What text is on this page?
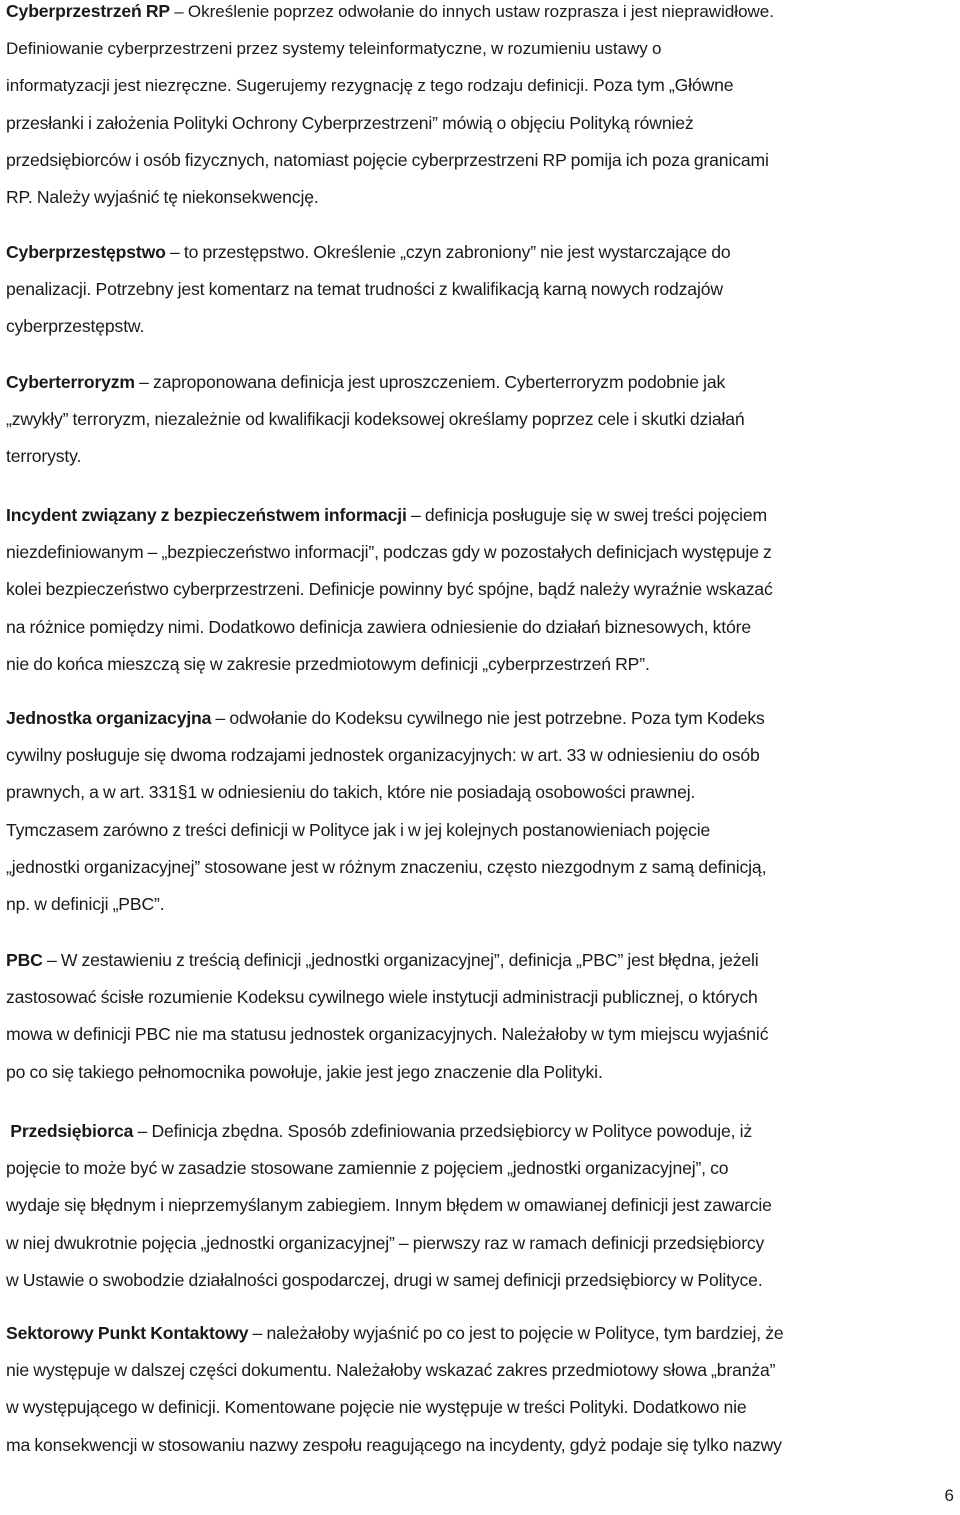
Cyberprzestrzeń RP – Określenie poprzez odwołanie do innych ustaw rozprasza i jest nieprawidłowe.
Definiowanie cyberprzestrzeni przez systemy teleinformatyczne, w rozumieniu ustawy o
informatyzacji jest niezręczne. Sugerujemy rezygnację z tego rodzaju definicji. Poza tym „Główne
przesłanki i założenia Polityki Ochrony Cyberprzestrzeni” mówią o objęciu Polityką również
przedsiębiorców i osób fizycznych, natomiast pojęcie cyberprzestrzeni RP pomija ich poza granicami
RP. Należy wyjaśnić tę niekonsekwencję.

Cyberprzestępstwo – to przestępstwo. Określenie „czyn zabroniony” nie jest wystarczające do
penalizacji. Potrzebny jest komentarz na temat trudności z kwalifikacją karną nowych rodzajów
cyberprzestępstw.

Cyberterroryzm – zaproponowana definicja jest uproszczeniem. Cyberterroryzm podobnie jak
„zwykły” terroryzm, niezależnie od kwalifikacji kodeksowej określamy poprzez cele i skutki działań
terrorysty.

Incydent związany z bezpieczeństwem informacji – definicja posługuje się w swej treści pojęciem
niezdefiniowanym – „bezpieczeństwo informacji”, podczas gdy w pozostałych definicjach występuje z
kolei bezpieczeństwo cyberprzestrzeni. Definicje powinny być spójne, bądź należy wyraźnie wskazać
na różnice pomiędzy nimi. Dodatkowo definicja zawiera odniesienie do działań biznesowych, które
nie do końca mieszczą się w zakresie przedmiotowym definicji „cyberprzestrzeń RP”.

Jednostka organizacyjna – odwołanie do Kodeksu cywilnego nie jest potrzebne. Poza tym Kodeks
cywilny posługuje się dwoma rodzajami jednostek organizacyjnych: w art. 33 w odniesieniu do osób
prawnych, a w art. 331§1 w odniesieniu do takich, które nie posiadają osobowości prawnej.
Tymczasem zarówno z treści definicji w Polityce jak i w jej kolejnych postanowieniach pojęcie
„jednostki organizacyjnej” stosowane jest w różnym znaczeniu, często niezgodnym z samą definicją,
np. w definicji „PBC”.

PBC – W zestawieniu z treścią definicji „jednostki organizacyjnej”, definicja „PBC” jest błędna, jeżeli
zastosować ścisłe rozumienie Kodeksu cywilnego wiele instytucji administracji publicznej, o których
mowa w definicji PBC nie ma statusu jednostek organizacyjnych. Należałoby w tym miejscu wyjaśnić
po co się takiego pełnomocnika powołuje, jakie jest jego znaczenie dla Polityki.

Przedsiębiorca – Definicja zbędna. Sposób zdefiniowania przedsiębiorcy w Polityce powoduje, iż
pojęcie to może być w zasadzie stosowane zamiennie z pojęciem „jednostki organizacyjnej”, co
wydaje się błędnym i nieprzemyślanym zabiegiem. Innym błędem w omawianej definicji jest zawarcie
w niej dwukrotnie pojęcia „jednostki organizacyjnej” – pierwszy raz w ramach definicji przedsiębiorcy
w Ustawie o swobodzie działalności gospodarczej, drugi w samej definicji przedsiębiorcy w Polityce.

Sektorowy Punkt Kontaktowy – należałoby wyjaśnić po co jest to pojęcie w Polityce, tym bardziej, że
nie występuje w dalszej części dokumentu. Należałoby wskazać zakres przedmiotowy słowa „branża”
w występującego w definicji. Komentowane pojęcie nie występuje w treści Polityki. Dodatkowo nie
ma konsekwencji w stosowaniu nazwy zespołu reagującego na incydenty, gdyż podaje się tylko nazwy

6
